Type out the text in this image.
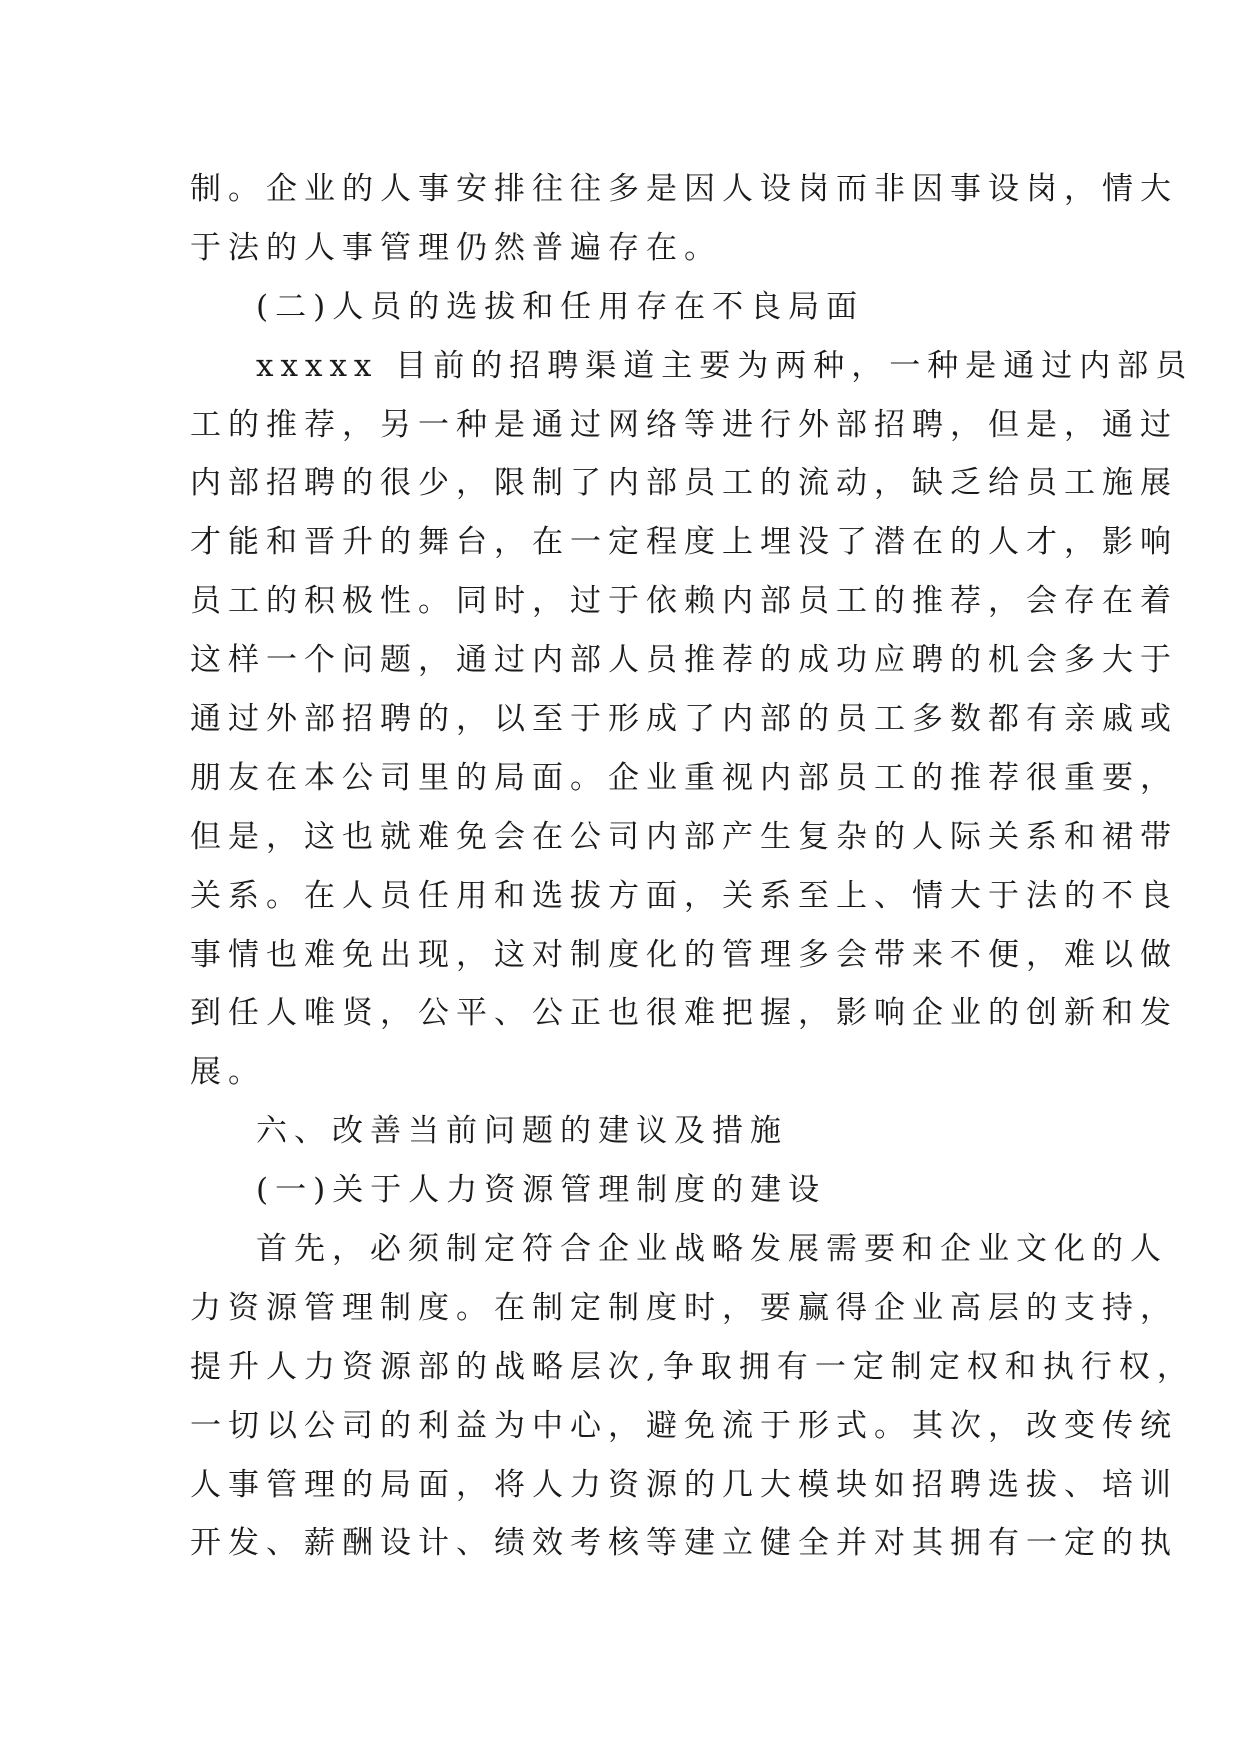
制。企业的人事安排往往多是因人设岗而非因事设岗，情大
于法的人事管理仍然普遍存在。
(二)人员的选拔和任用存在不良局面
xxxxx 目前的招聘渠道主要为两种，一种是通过内部员
工的推荐，另一种是通过网络等进行外部招聘，但是，通过
内部招聘的很少，限制了内部员工的流动，缺乏给员工施展
才能和晋升的舞台，在一定程度上埋没了潜在的人才，影响
员工的积极性。同时，过于依赖内部员工的推荐，会存在着
这样一个问题，通过内部人员推荐的成功应聘的机会多大于
通过外部招聘的，以至于形成了内部的员工多数都有亲戚或
朋友在本公司里的局面。企业重视内部员工的推荐很重要，
但是，这也就难免会在公司内部产生复杂的人际关系和裙带
关系。在人员任用和选拔方面，关系至上、情大于法的不良
事情也难免出现，这对制度化的管理多会带来不便，难以做
到任人唯贤，公平、公正也很难把握，影响企业的创新和发
展。
六、改善当前问题的建议及措施
(一)关于人力资源管理制度的建设
首先，必须制定符合企业战略发展需要和企业文化的人
力资源管理制度。在制定制度时，要赢得企业高层的支持，
提升人力资源部的战略层次,争取拥有一定制定权和执行权，
一切以公司的利益为中心，避免流于形式。其次，改变传统
人事管理的局面，将人力资源的几大模块如招聘选拔、培训
开发、薪酬设计、绩效考核等建立健全并对其拥有一定的执
